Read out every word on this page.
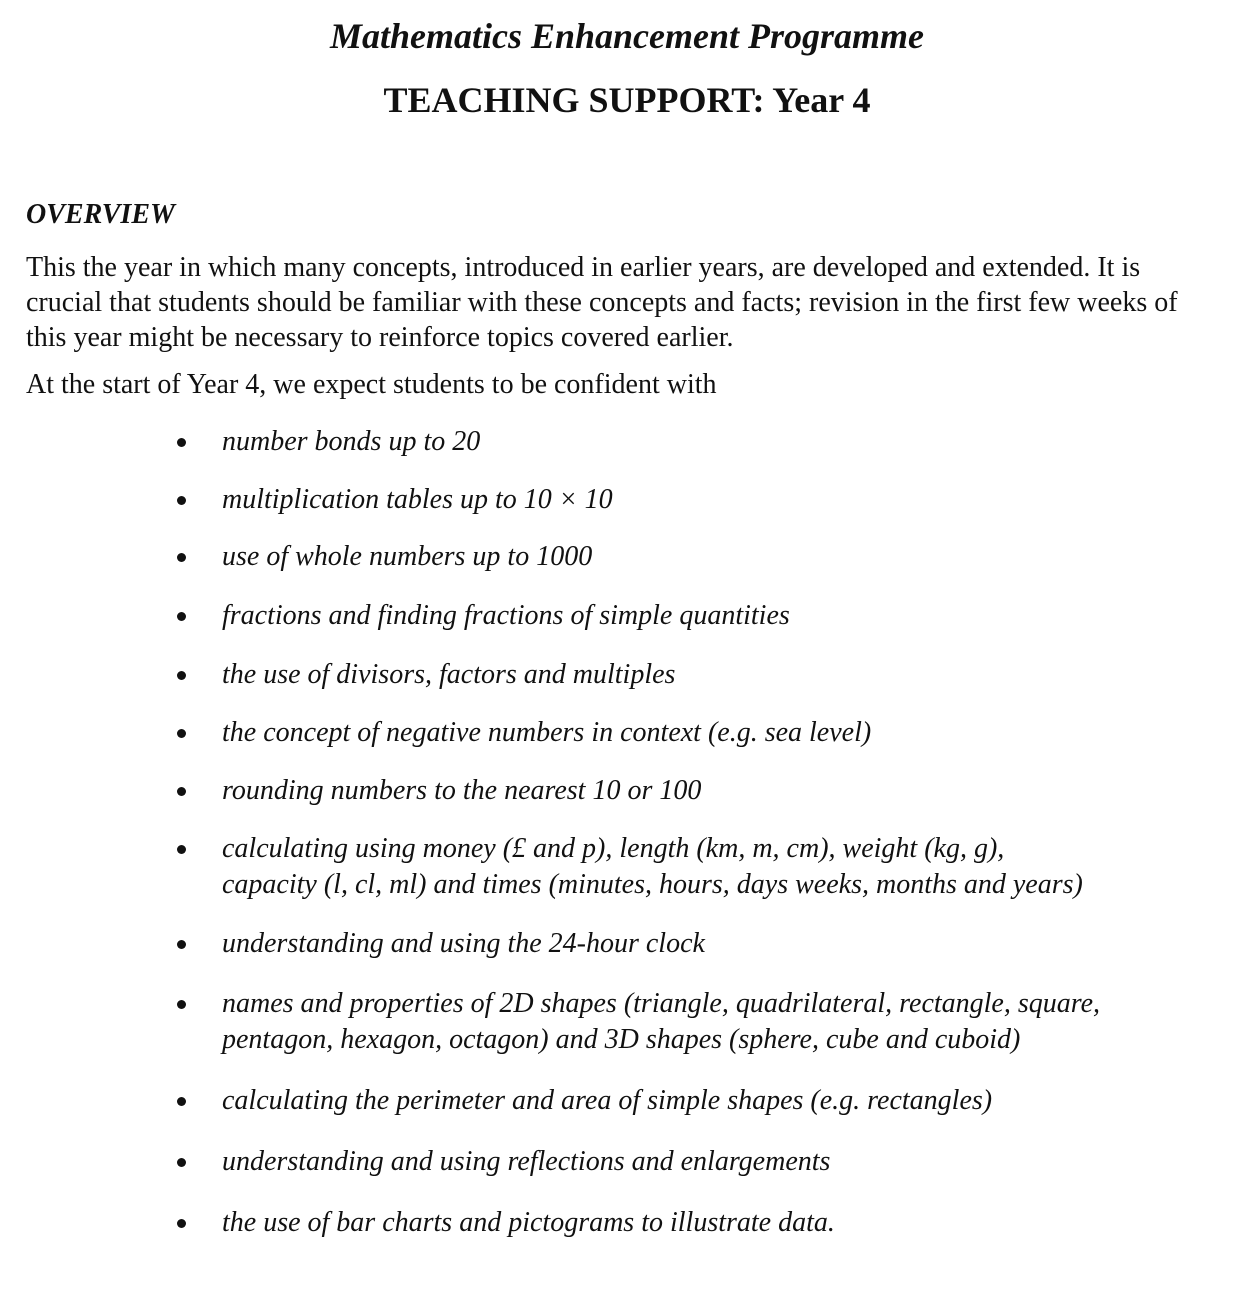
Mathematics Enhancement Programme
TEACHING SUPPORT: Year 4
OVERVIEW

This the year in which many concepts, introduced in earlier years, are developed and extended. It is

crucial that students should be familiar with these concepts and facts; revision in the first few weeks of

this year might be necessary to reinforce topics covered earlier.

At the start of Year 4, we expect students to be confident with
number bonds up to 20
multiplication tables up to 10 × 10
use of whole numbers up to 1000
fractions and finding fractions of simple quantities
the use of divisors, factors and multiples
the concept of negative numbers in context (e.g. sea level)
rounding numbers to the nearest 10 or 100
calculating using money (£ and p), length (km, m, cm), weight (kg, g),
capacity (l, cl, ml) and times (minutes, hours, days weeks, months and years)
understanding and using the 24-hour clock
names and properties of 2D shapes (triangle, quadrilateral, rectangle, square,
pentagon, hexagon, octagon) and 3D shapes (sphere, cube and cuboid)
calculating the perimeter and area of simple shapes (e.g. rectangles)
understanding and using reflections and enlargements
the use of bar charts and pictograms to illustrate data.
